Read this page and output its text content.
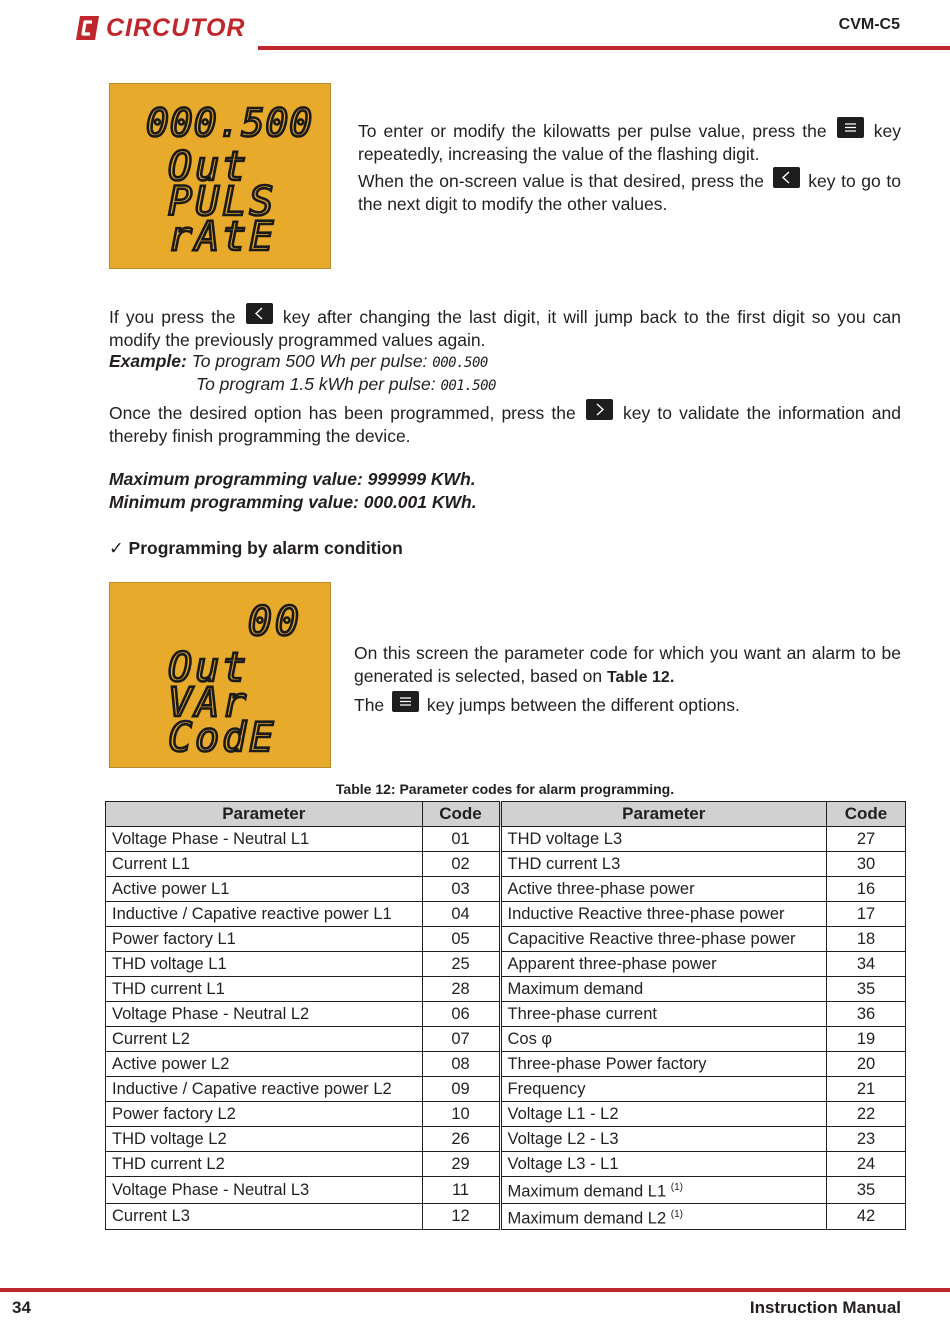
CIRCUTOR	CVM-C5
000.500
Out
PULS
rAtE
To enter or modify the kilowatts per pulse value, press the	key repeatedly, increasing the value of the flashing digit.
When the on-screen value is that desired, press the	key to go to the next digit to modify the other values.
If you press the	key after changing the last digit, it will jump back to the first digit so you can modify the previously programmed values again.
Example: To program 500 Wh per pulse: 000.500
To program 1.5 kWh per pulse: 001.500
Once the desired option has been programmed, press the	key to validate the information and thereby finish programming the device.
Maximum programming value: 999999 KWh.
Minimum programming value: 000.001 KWh.
✓ Programming by alarm condition
00
Out
VAr
CodE
On this screen the parameter code for which you want an alarm to be generated is selected, based on Table 12.
The key jumps between the different options.
Table 12: Parameter codes for alarm programming.
Parameter	Code	Parameter	Code
Voltage Phase - Neutral L1	01	THD voltage L3	27
Current L1	02	THD current L3	30
Active power L1	03	Active three-phase power	16
Inductive / Capative reactive power L1	04	Inductive Reactive three-phase power	17
Power factory L1	05	Capacitive Reactive three-phase power	18
THD voltage L1	25	Apparent three-phase power	34
THD current L1	28	Maximum demand	35
Voltage Phase - Neutral L2	06	Three-phase current	36
Current L2	07	Cos φ	19
Active power L2	08	Three-phase Power factory	20
Inductive / Capative reactive power L2	09	Frequency	21
Power factory L2	10	Voltage L1 - L2	22
THD voltage L2	26	Voltage L2 - L3	23
THD current L2	29	Voltage L3 - L1	24
Voltage Phase - Neutral L3	11	Maximum demand L1 $^{(1)}$	35
Current L3	12	Maximum demand L2 $^{(1)}$	42
34	Instruction Manual
